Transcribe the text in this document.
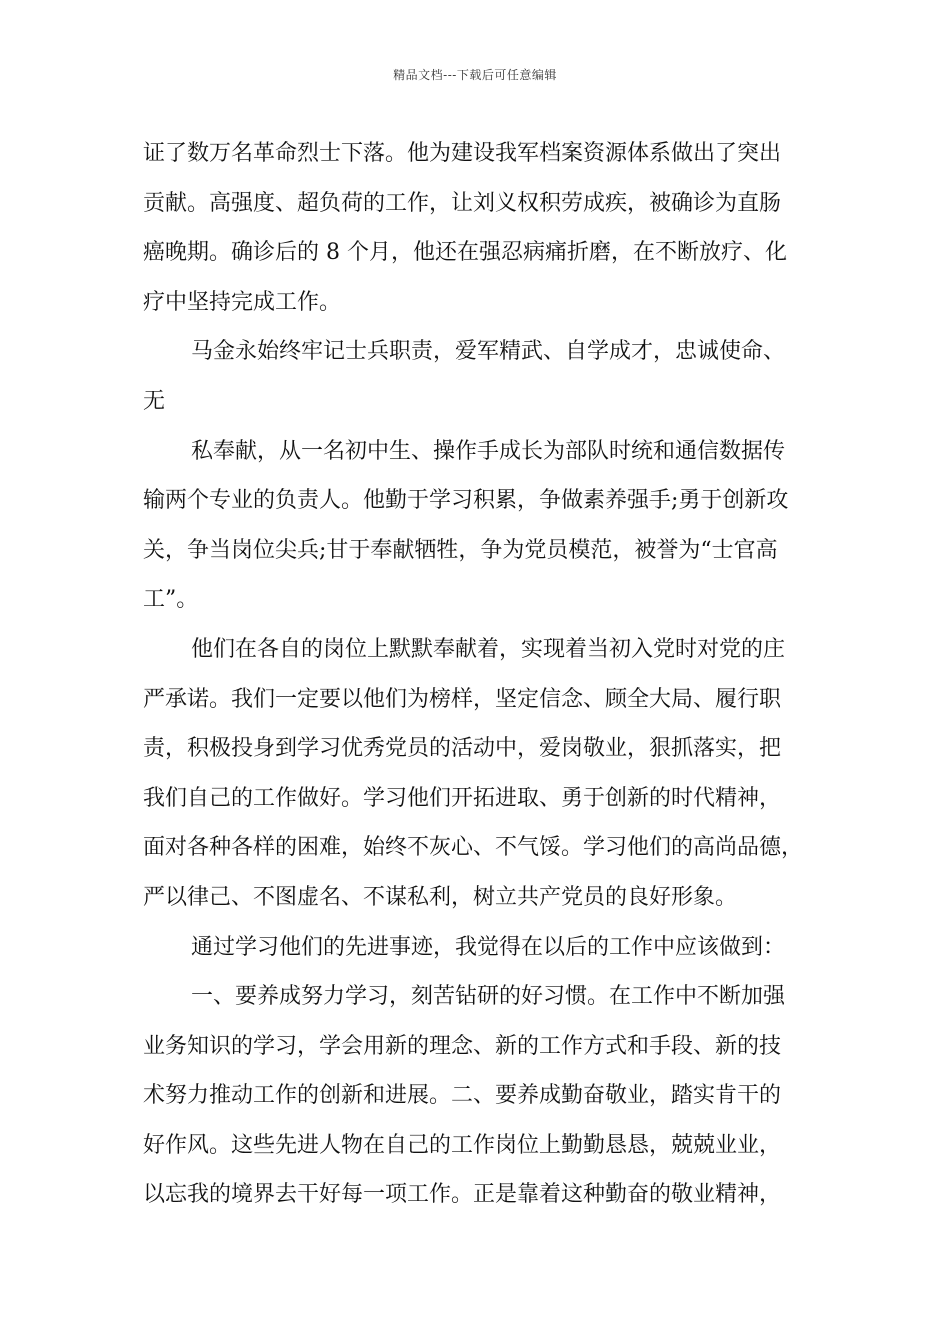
精品文档---下载后可任意编辑
证了数万名革命烈士下落。他为建设我军档案资源体系做出了突出
贡献。高强度、超负荷的工作，让刘义权积劳成疾，被确诊为直肠
癌晚期。确诊后的 8 个月，他还在强忍病痛折磨，在不断放疗、化
疗中坚持完成工作。
马金永始终牢记士兵职责，爱军精武、自学成才，忠诚使命、
无
私奉献，从一名初中生、操作手成长为部队时统和通信数据传
输两个专业的负责人。他勤于学习积累，争做素养强手;勇于创新攻
关，争当岗位尖兵;甘于奉献牺牲，争为党员模范，被誉为“士官高
工”。
他们在各自的岗位上默默奉献着，实现着当初入党时对党的庄
严承诺。我们一定要以他们为榜样，坚定信念、顾全大局、履行职
责，积极投身到学习优秀党员的活动中，爱岗敬业，狠抓落实，把
我们自己的工作做好。学习他们开拓进取、勇于创新的时代精神，
面对各种各样的困难，始终不灰心、不气馁。学习他们的高尚品德，
严以律己、不图虚名、不谋私利，树立共产党员的良好形象。
通过学习他们的先进事迹，我觉得在以后的工作中应该做到：
一、要养成努力学习，刻苦钻研的好习惯。在工作中不断加强
业务知识的学习，学会用新的理念、新的工作方式和手段、新的技
术努力推动工作的创新和进展。二、要养成勤奋敬业，踏实肯干的
好作风。这些先进人物在自己的工作岗位上勤勤恳恳，兢兢业业，
以忘我的境界去干好每一项工作。正是靠着这种勤奋的敬业精神，
